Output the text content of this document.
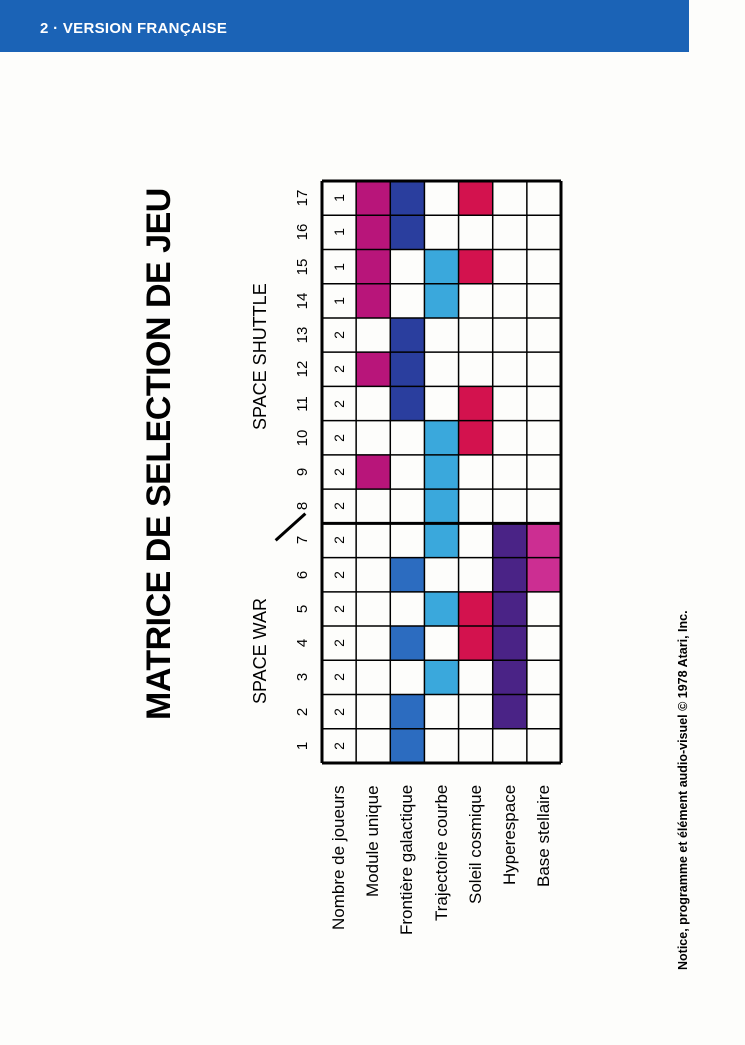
2 · VERSION FRANÇAISE
MATRICE DE SELECTION DE JEU	SPACE WAR
SPACE SHUTTLE
1
2
3
4
5
6
7
8
9
10
11
12
13
14
15
16
17
2
2
2
2
2
2
2
2
2
2
2
2
2
1
1
1
1
Nombre de joueurs Module unique Frontière galactique Trajectoire courbe Soleil cosmique Hyperespace Base stellaire	Notice, programme et élément audio-visuel © 1978 Atari, Inc.
